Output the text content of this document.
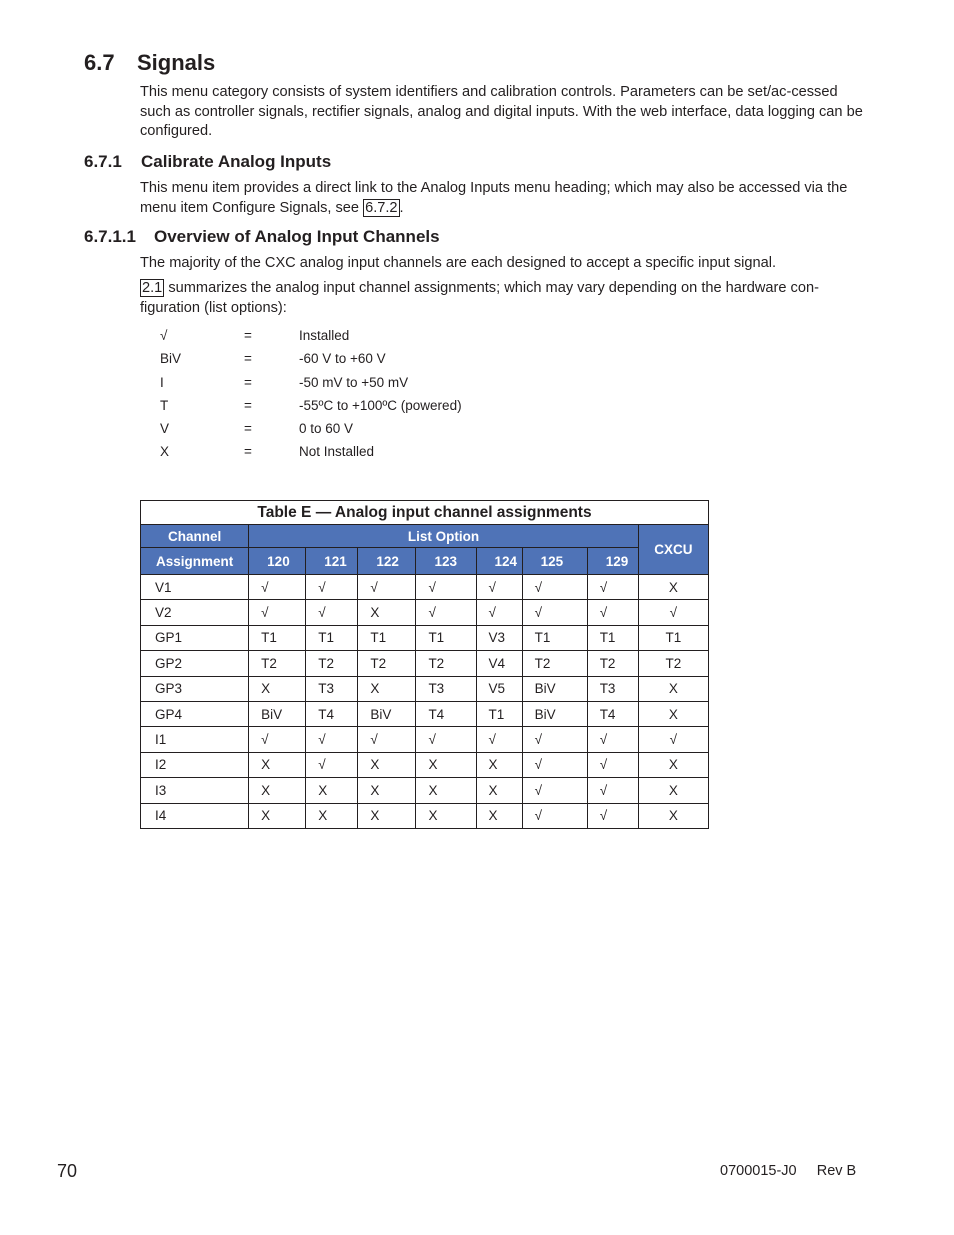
6.7 Signals

This menu category consists of system identifiers and calibration controls. Parameters can be set/ac-cessed such as controller signals, rectifier signals, analog and digital inputs. With the web interface, data logging can be configured.

6.7.1 Calibrate Analog Inputs

This menu item provides a direct link to the Analog Inputs menu heading; which may also be accessed via the menu item Configure Signals, see 6.7.2 .

6.7.1.1 Overview of Analog Input Channels

The majority of the CXC analog input channels are each designed to accept a specific input signal.

2.1 summarizes the analog input channel assignments; which may vary depending on the hardware con-figuration (list options):

√	=	Installed
BiV	=	-60 V to +60 V
I	=	-50 mV to +50 mV
T	=	-55ºC to +100ºC (powered)
V	=	0 to 60 V
X	=	Not Installed
Table E — Analog input channel assignments								
Channel	List Option							CXCU
Assignment	120	121	122	123	124	125	129	
V1	√	√	√	√	√	√	√	X
V2	√	√	X	√	√	√	√	√
GP1	T1	T1	T1	T1	V3	T1	T1	T1
GP2	T2	T2	T2	T2	V4	T2	T2	T2
GP3	X	T3	X	T3	V5	BiV	T3	X
GP4	BiV	T4	BiV	T4	T1	BiV	T4	X
I1	√	√	√	√	√	√	√	√
I2	X	√	X	X	X	√	√	X
I3	X	X	X	X	X	√	√	X
I4	X	X	X	X	X	√	√	X
70	0700015-J0     Rev B
